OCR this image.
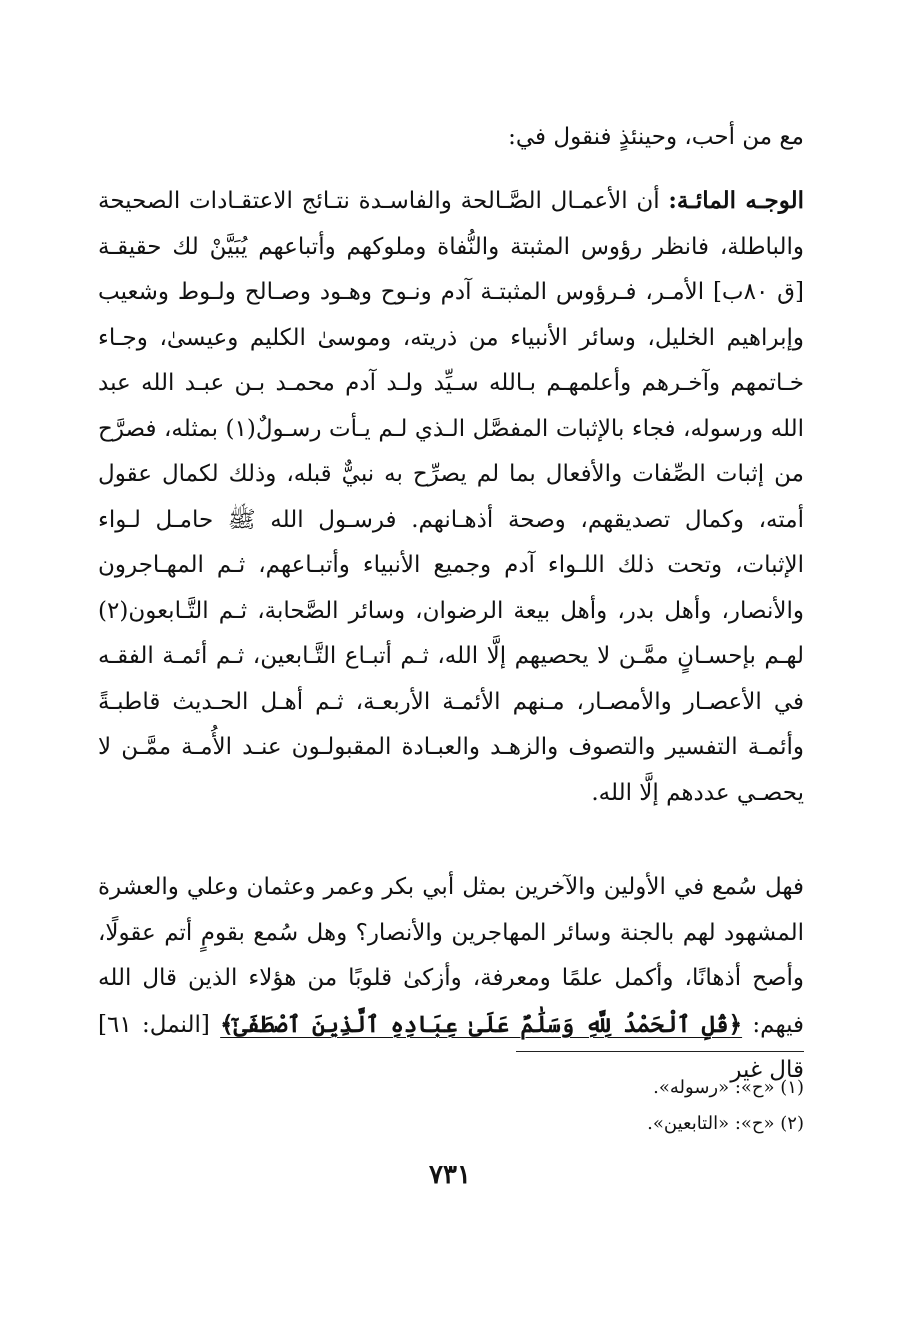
مع من أحب، وحينئذٍ فنقول في:

الوجـه المائـة: أن الأعمـال الصَّـالحة والفاسـدة نتـائج الاعتقـادات الصحيحة والباطلة، فانظر رؤوس المثبتة والنُّفاة وملوكهم وأتباعهم يُبَيَّنْ لك حقيقـة [ق ٨٠ب] الأمـر، فـرؤوس المثبتـة آدم ونـوح وهـود وصـالح ولـوط وشعيب وإبراهيم الخليل، وسائر الأنبياء من ذريته، وموسىٰ الكليم وعيسىٰ، وجـاء خـاتمهم وآخـرهم وأعلمهـم بـالله سـيِّد ولـد آدم محمـد بـن عبـد الله عبد الله ورسوله، فجاء بالإثبات المفصَّل الـذي لـم يـأت رسـولٌ(١) بمثله، فصرَّح من إثبات الصِّفات والأفعال بما لم يصرِّح به نبيٌّ قبله، وذلك لكمال عقول أمته، وكمال تصديقهم، وصحة أذهـانهم. فرسـول الله ﷺ حامـل لـواء الإثبات، وتحت ذلك اللـواء آدم وجميع الأنبياء وأتبـاعهم، ثـم المهـاجرون والأنصار، وأهل بدر، وأهل بيعة الرضوان، وسائر الصَّحابة، ثـم التَّـابعون(٢) لهـم بإحسـانٍ ممَّـن لا يحصيهم إلَّا الله، ثـم أتبـاع التَّـابعين، ثـم أئمـة الفقـه في الأعصـار والأمصـار، مـنهم الأئمـة الأربعـة، ثـم أهـل الحـديث قاطبـةً وأئمـة التفسير والتصوف والزهـد والعبـادة المقبولـون عنـد الأُمـة ممَّـن لا يحصـي عددهم إلَّا الله.

فهل سُمع في الأولين والآخرين بمثل أبي بكر وعمر وعثمان وعلي والعشرة المشهود لهم بالجنة وسائر المهاجرين والأنصار؟ وهل سُمع بقومٍ أتم عقولًا، وأصح أذهانًا، وأكمل علمًا ومعرفة، وأزكىٰ قلوبًا من هؤلاء الذين قال الله فيهم: ﴿قُلِ ٱلْحَمْدُ لِلَّهِ وَسَلَٰمٌ عَلَىٰ عِبَادِهِ ٱلَّذِينَ ٱصْطَفَىٰٓ﴾ [النمل: ٦١] قال غير

(١) «ح»: «رسوله».

(٢) «ح»: «التابعين».

٧٣١
